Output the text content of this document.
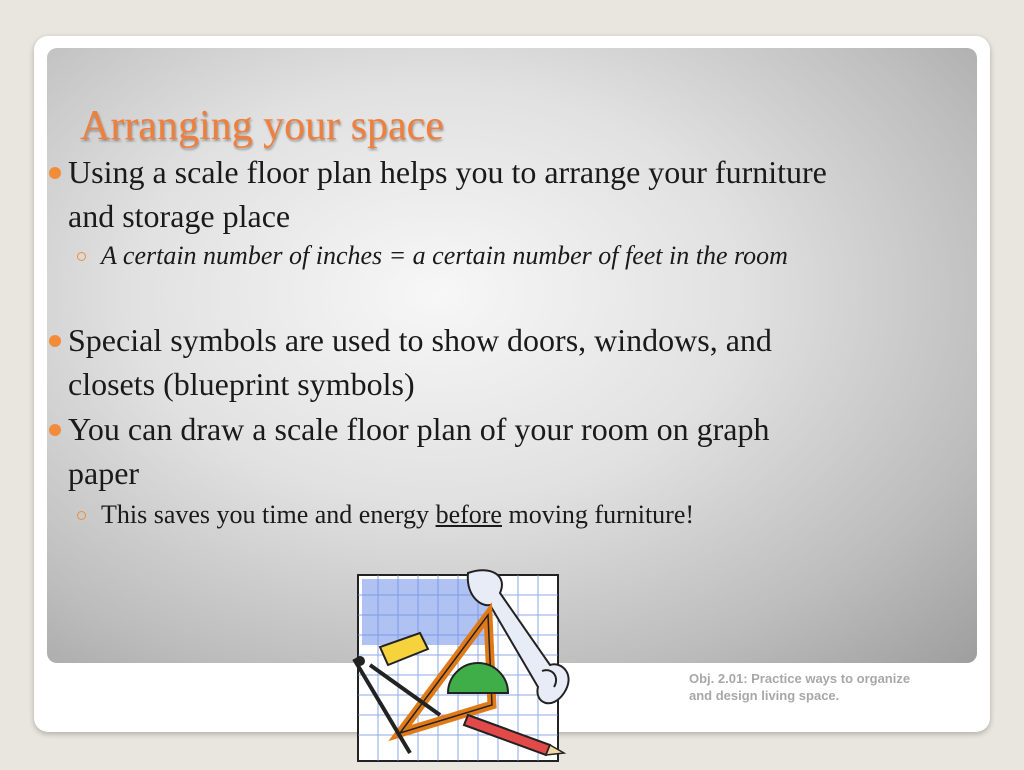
Arranging your space
Using a scale floor plan helps you to arrange your furniture and storage place
A certain number of inches = a certain number of feet in the room
Special symbols are used to show doors, windows, and closets (blueprint symbols)
You can draw a scale floor plan of your room on graph paper
This saves you time and energy before moving furniture!
Obj. 2.01: Practice ways to organize and design living space.
